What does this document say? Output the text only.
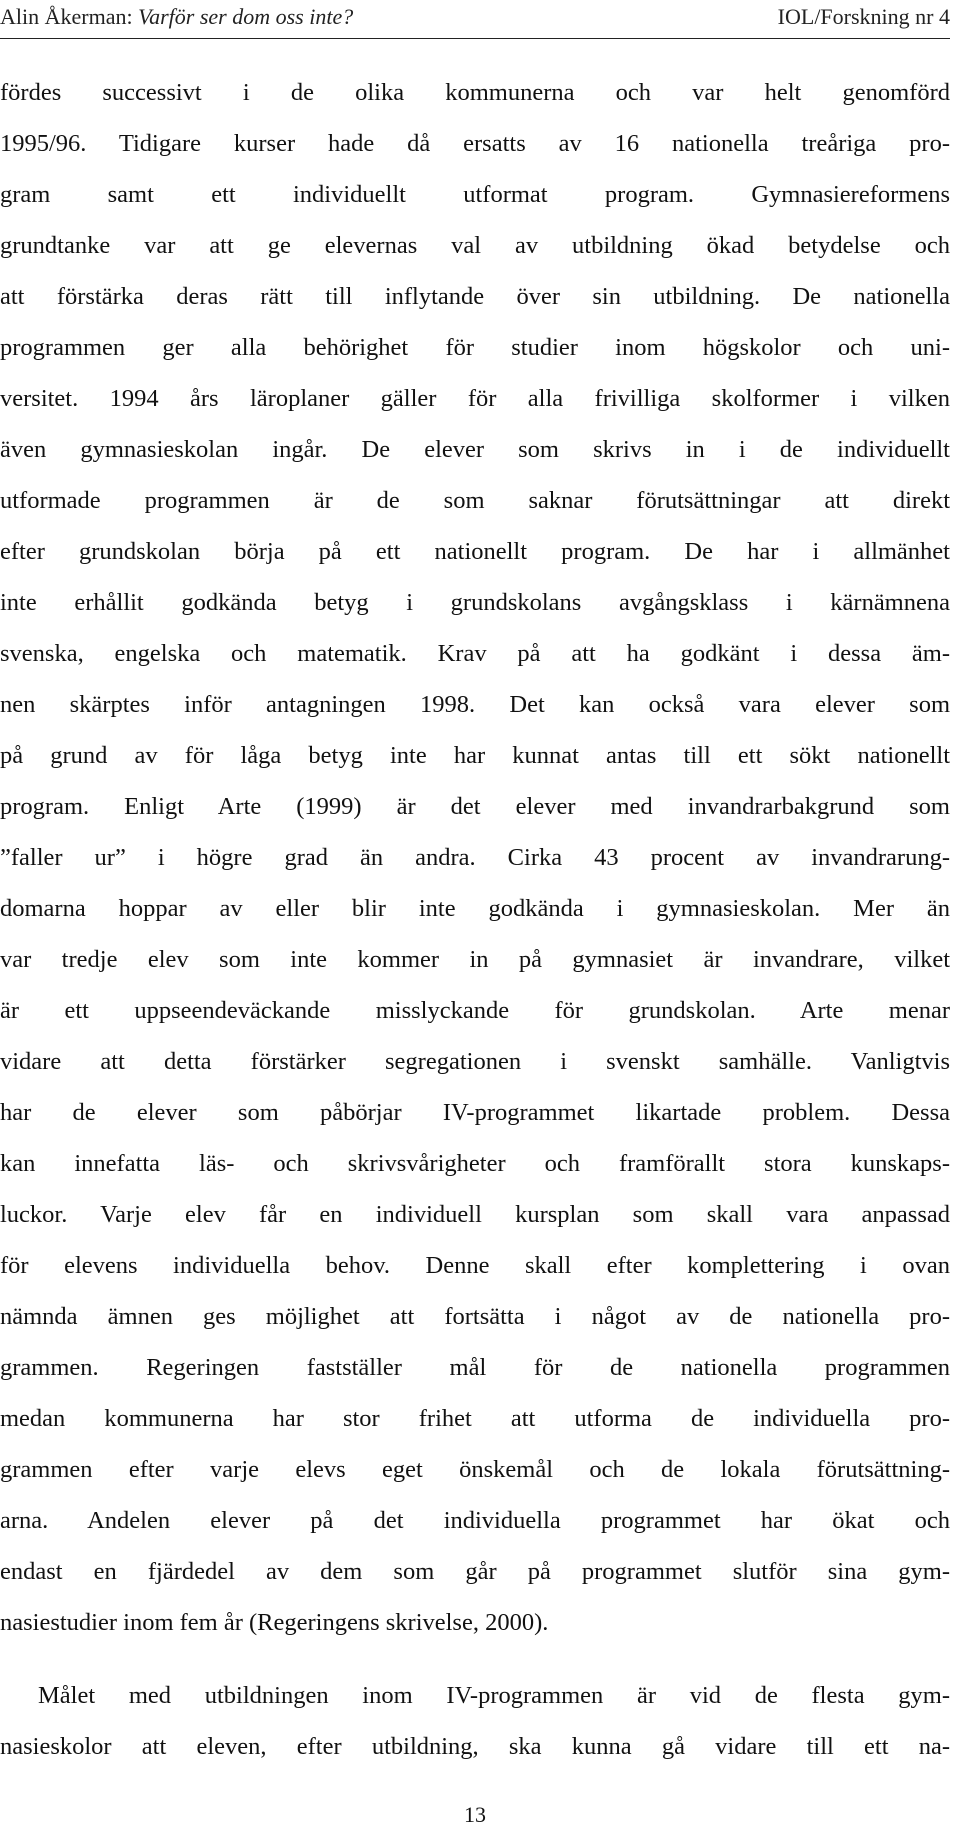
Alin Åkerman: Varför ser dom oss inte?	IOL/Forskning nr 4
fördes successivt i de olika kommunerna och var helt genomförd
1995/96. Tidigare kurser hade då ersatts av 16 nationella treåriga pro-
gram samt ett individuellt utformat program. Gymnasiereformens
grundtanke var att ge elevernas val av utbildning ökad betydelse och
att förstärka deras rätt till inflytande över sin utbildning. De nationella
programmen ger alla behörighet för studier inom högskolor och uni-
versitet. 1994 års läroplaner gäller för alla frivilliga skolformer i vilken
även gymnasieskolan ingår. De elever som skrivs in i de individuellt
utformade programmen är de som saknar förutsättningar att direkt
efter grundskolan börja på ett nationellt program. De har i allmänhet
inte erhållit godkända betyg i grundskolans avgångsklass i kärnämnena
svenska, engelska och matematik. Krav på att ha godkänt i dessa äm-
nen skärptes inför antagningen 1998. Det kan också vara elever som
på grund av för låga betyg inte har kunnat antas till ett sökt nationellt
program. Enligt Arte (1999) är det elever med invandrarbakgrund som
”faller ur” i högre grad än andra. Cirka 43 procent av invandrarung-
domarna hoppar av eller blir inte godkända i gymnasieskolan. Mer än
var tredje elev som inte kommer in på gymnasiet är invandrare, vilket
är ett uppseendeväckande misslyckande för grundskolan. Arte menar
vidare att detta förstärker segregationen i svenskt samhälle. Vanligtvis
har de elever som påbörjar IV-programmet likartade problem. Dessa
kan innefatta läs- och skrivsvårigheter och framförallt stora kunskaps-
luckor. Varje elev får en individuell kursplan som skall vara anpassad
för elevens individuella behov. Denne skall efter komplettering i ovan
nämnda ämnen ges möjlighet att fortsätta i något av de nationella pro-
grammen. Regeringen fastställer mål för de nationella programmen
medan kommunerna har stor frihet att utforma de individuella pro-
grammen efter varje elevs eget önskemål och de lokala förutsättning-
arna. Andelen elever på det individuella programmet har ökat och
endast en fjärdedel av dem som går på programmet slutför sina gym-
nasiestudier inom fem år (Regeringens skrivelse, 2000).
Målet med utbildningen inom IV-programmen är vid de flesta gym-
nasieskolor att eleven, efter utbildning, ska kunna gå vidare till ett na-
13
